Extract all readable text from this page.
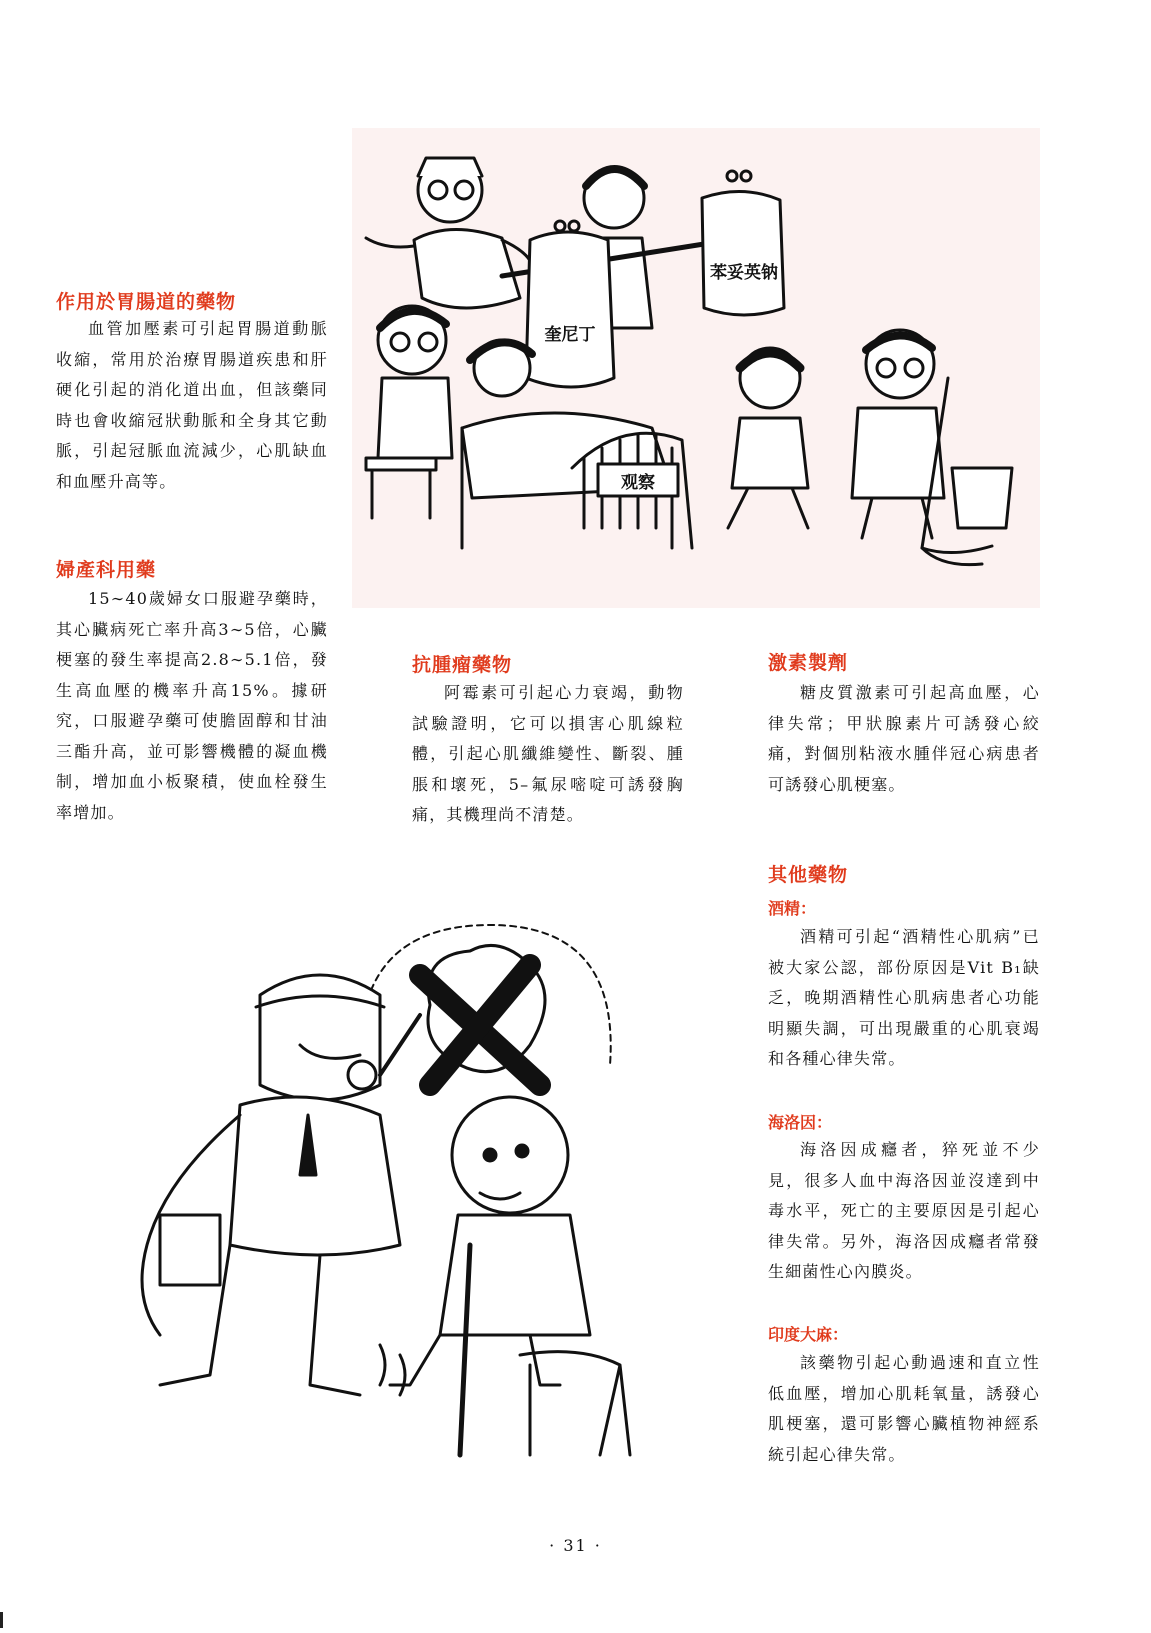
奎尼丁
苯妥英钠
观察
作用於胃腸道的藥物

血管加壓素可引起胃腸道動脈收縮，常用於治療胃腸道疾患和肝硬化引起的消化道出血，但該藥同時也會收縮冠狀動脈和全身其它動脈，引起冠脈血流減少，心肌缺血和血壓升高等。

婦產科用藥

15∼40歲婦女口服避孕藥時，其心臟病死亡率升高3∼5倍，心臟梗塞的發生率提高2.8∼5.1倍，發生高血壓的機率升高15%。據研究，口服避孕藥可使膽固醇和甘油三酯升高，並可影響機體的凝血機制，增加血小板聚積，使血栓發生率增加。

抗腫瘤藥物

阿霉素可引起心力衰竭，動物試驗證明，它可以損害心肌線粒體，引起心肌纖維變性、斷裂、腫脹和壞死，5–氟尿嘧啶可誘發胸痛，其機理尚不清楚。

激素製劑

糖皮質激素可引起高血壓，心律失常；甲狀腺素片可誘發心絞痛，對個別粘液水腫伴冠心病患者可誘發心肌梗塞。

其他藥物
酒精：

酒精可引起“酒精性心肌病”已被大家公認，部份原因是Vit B₁缺乏，晚期酒精性心肌病患者心功能明顯失調，可出現嚴重的心肌衰竭和各種心律失常。

海洛因：

海洛因成癮者，猝死並不少見，很多人血中海洛因並沒達到中毒水平，死亡的主要原因是引起心律失常。另外，海洛因成癮者常發生細菌性心內膜炎。

印度大麻：

該藥物引起心動過速和直立性低血壓，增加心肌耗氧量，誘發心肌梗塞，還可影響心臟植物神經系統引起心律失常。

· 31 ·
